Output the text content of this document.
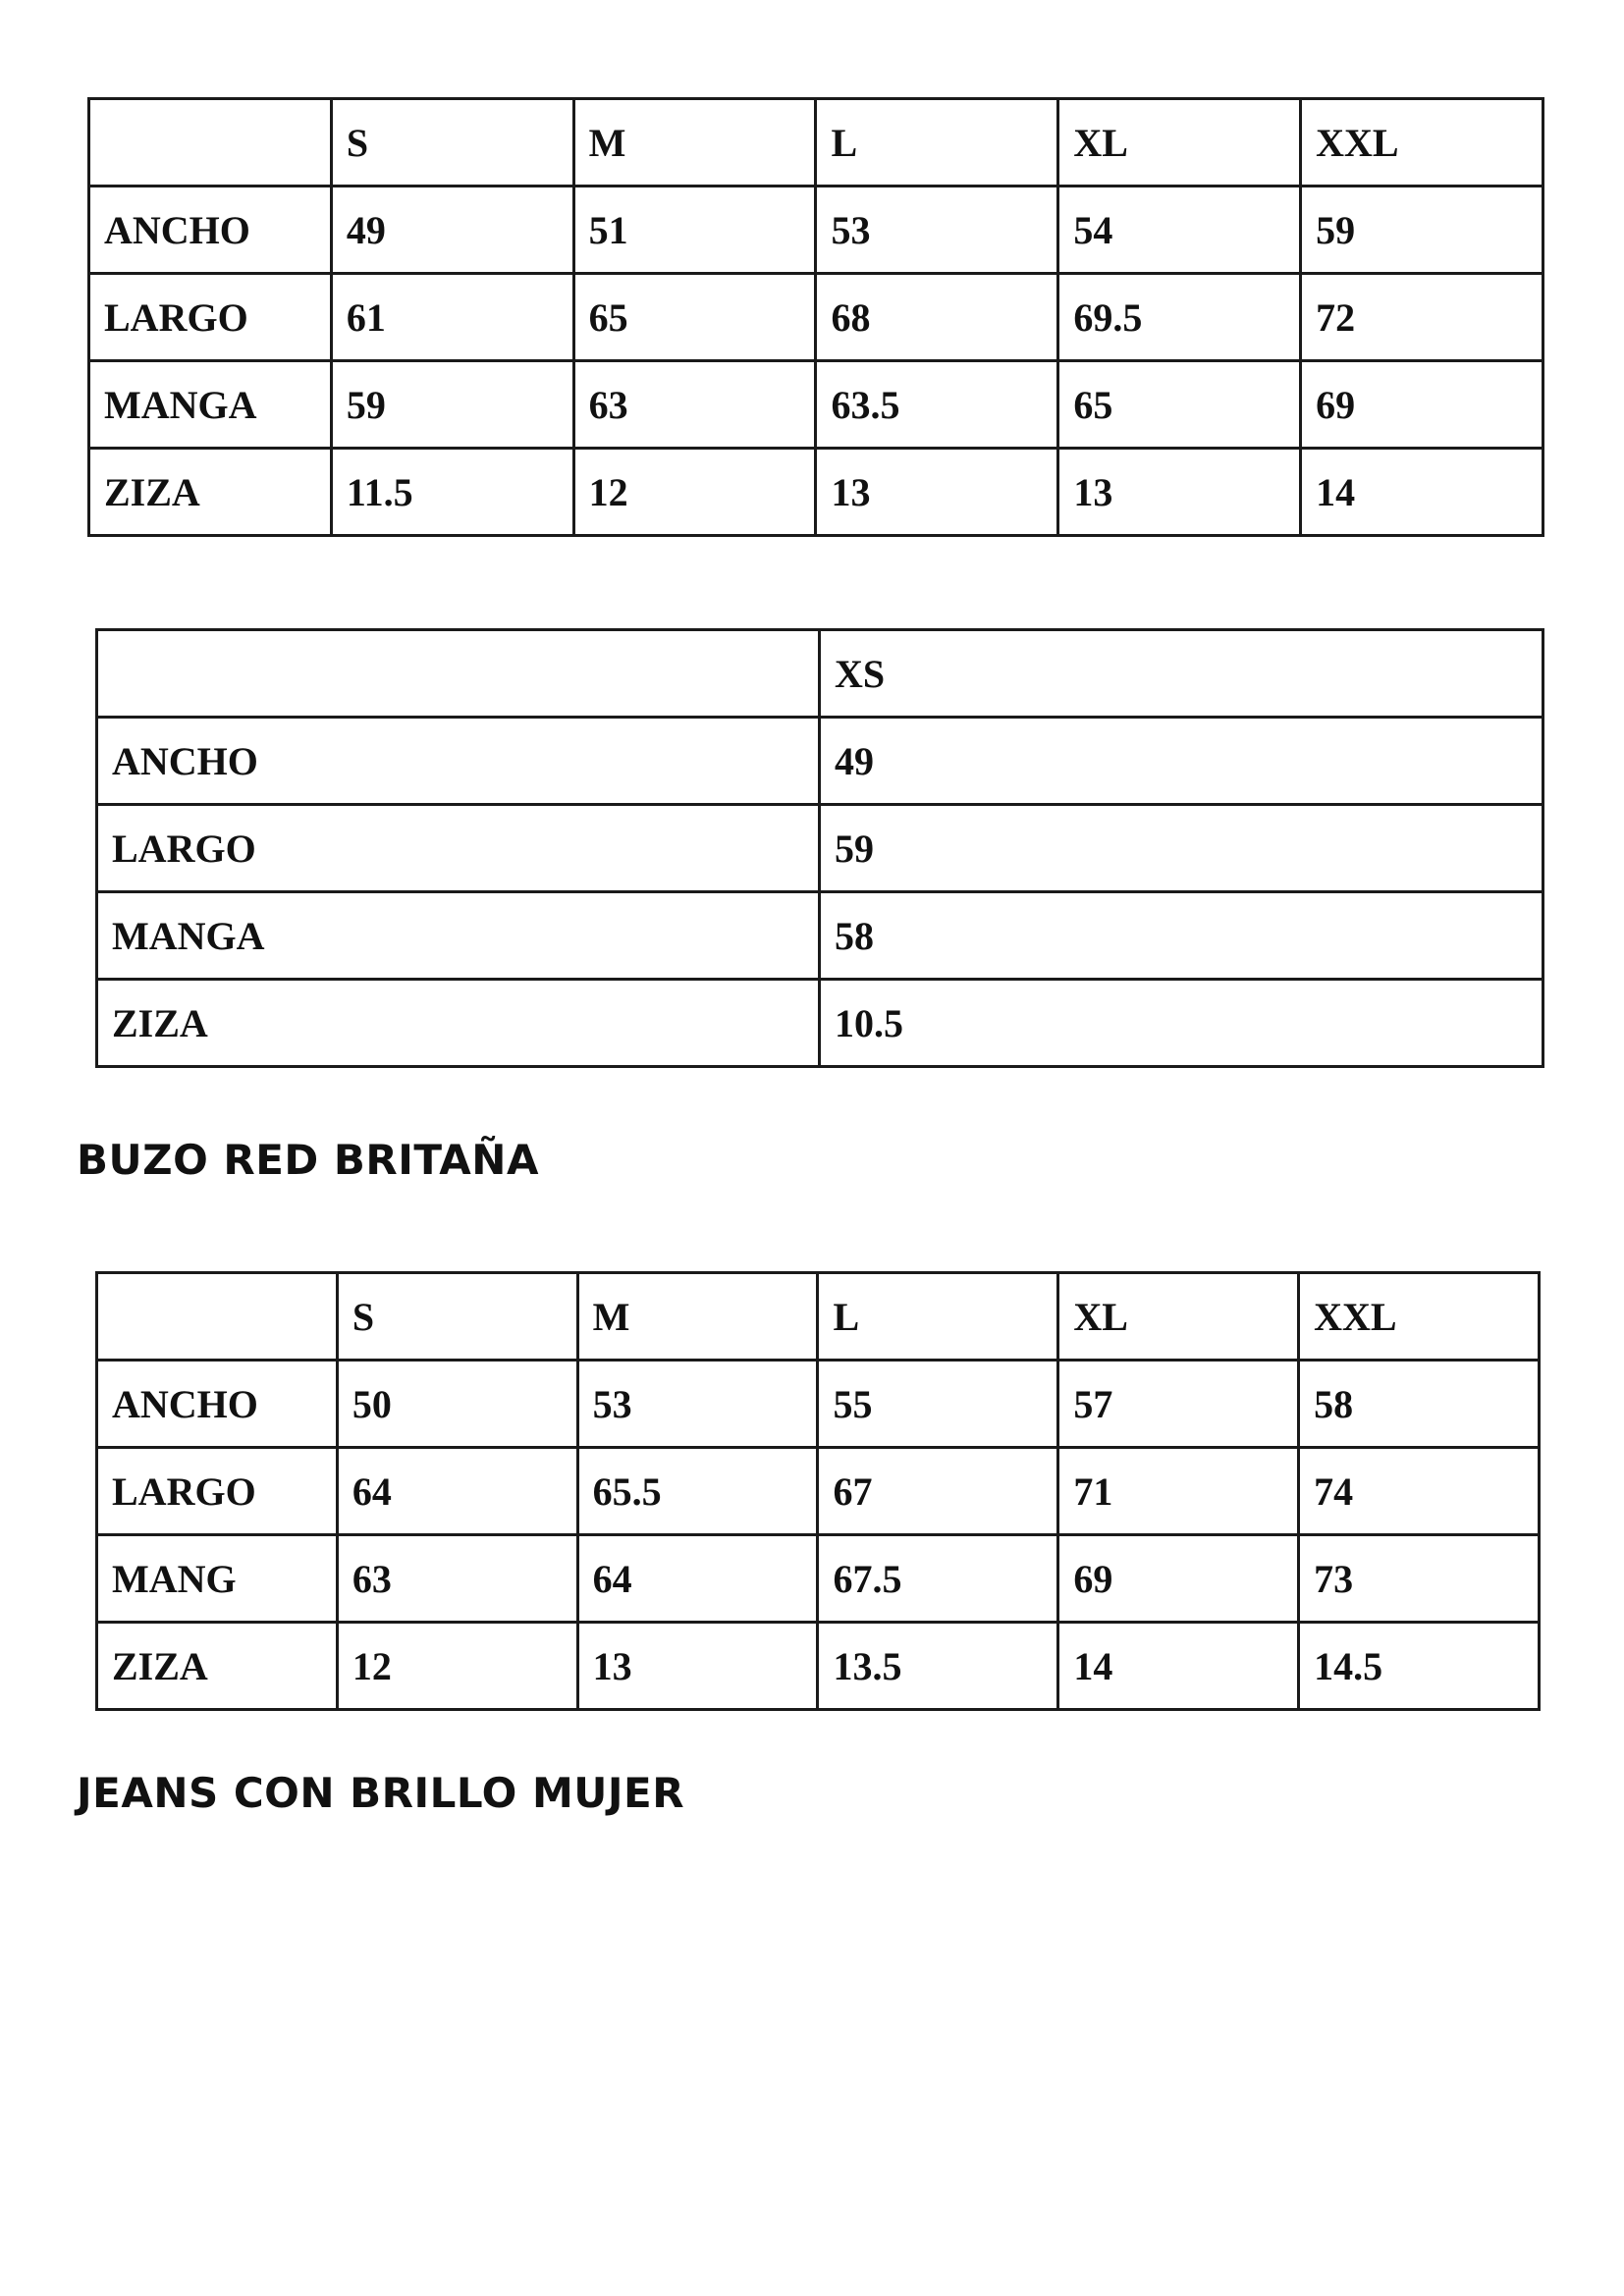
	S	M	L	XL	XXL
ANCHO	49	51	53	54	59
LARGO	61	65	68	69.5	72
MANGA	59	63	63.5	65	69
ZIZA	11.5	12	13	13	14
	XS
ANCHO	49
LARGO	59
MANGA	58
ZIZA	10.5
BUZO RED BRITAÑA
	S	M	L	XL	XXL
ANCHO	50	53	55	57	58
LARGO	64	65.5	67	71	74
MANG	63	64	67.5	69	73
ZIZA	12	13	13.5	14	14.5
JEANS CON BRILLO MUJER
